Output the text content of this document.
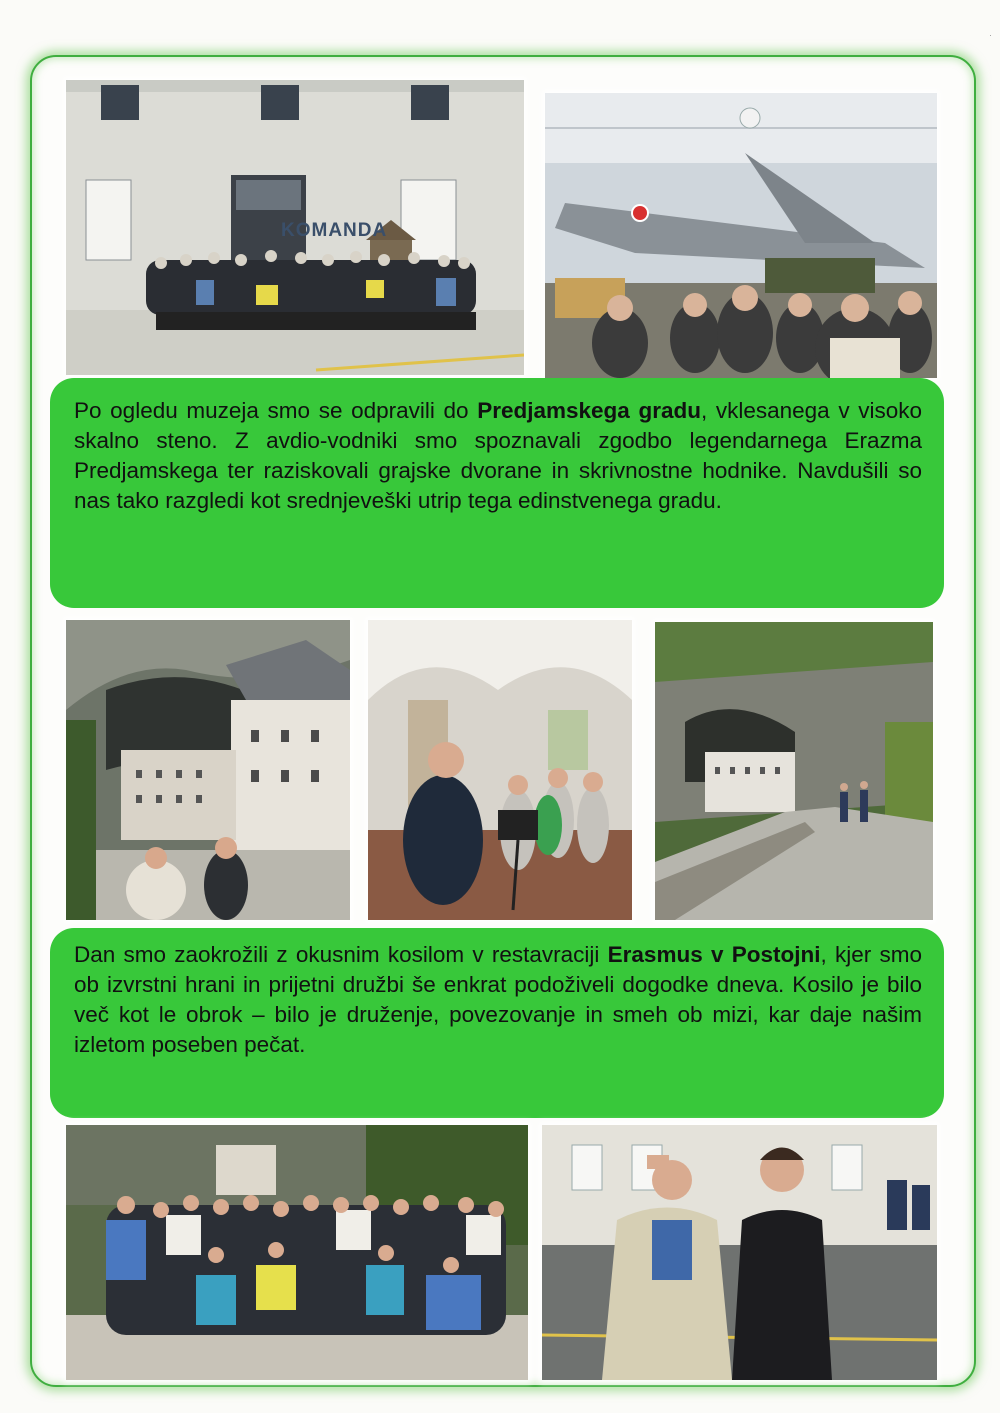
·
KOMANDA

Po ogledu muzeja smo se odpravili do Predjamskega gradu, vklesanega v visoko skalno steno. Z avdio-vodniki smo spoznavali zgodbo legendarnega Erazma Predjamskega ter raziskovali grajske dvorane in skrivnostne hodnike. Navdušili so nas tako razgledi kot srednjeveški utrip tega edinstvenega gradu.

Dan smo zaokrožili z okusnim kosilom v restavraciji Erasmus v Postojni, kjer smo ob izvrstni hrani in prijetni družbi še enkrat podoživeli dogodke dneva. Kosilo je bilo več kot le obrok – bilo je druženje, povezovanje in smeh ob mizi, kar daje našim izletom poseben pečat.
